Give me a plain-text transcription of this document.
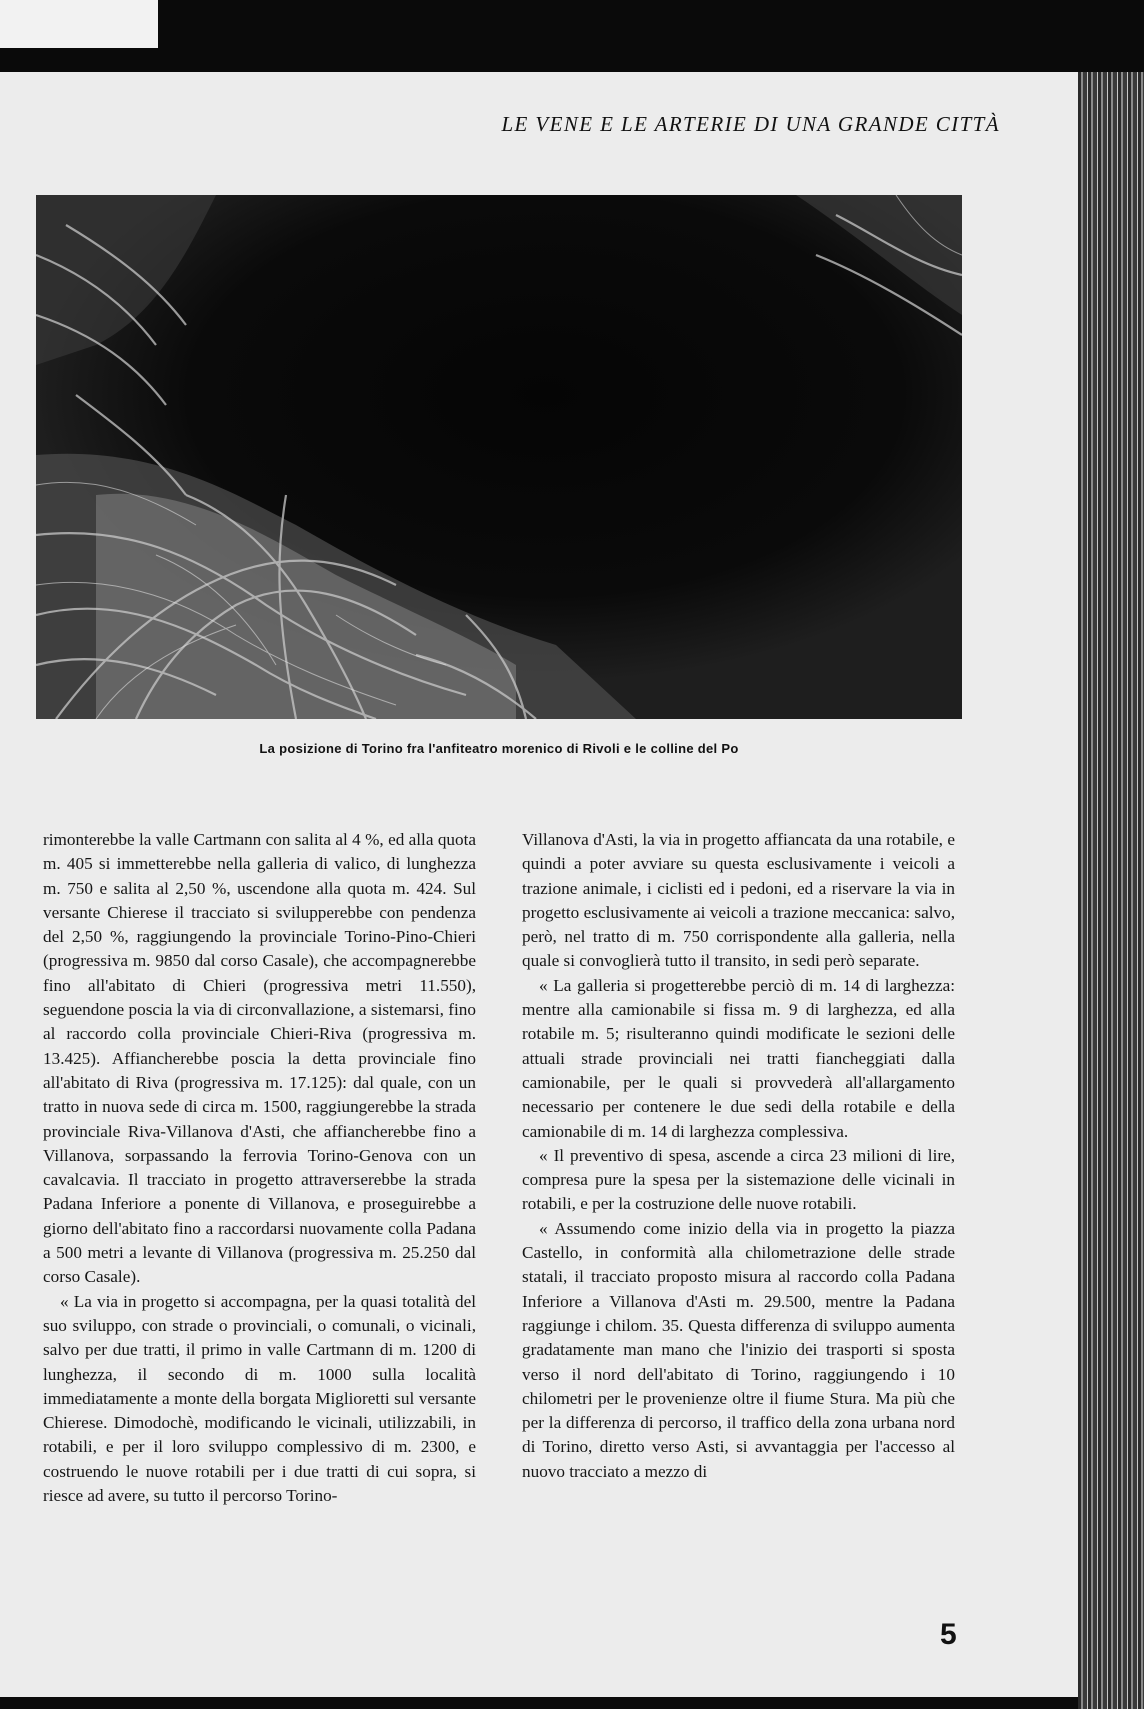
LE VENE E LE ARTERIE DI UNA GRANDE CITTÀ
La posizione di Torino fra l'anfiteatro morenico di Rivoli e le colline del Po

rimonterebbe la valle Cartmann con salita al 4 %, ed alla quota m. 405 si immetterebbe nella galleria di valico, di lunghezza m. 750 e salita al 2,50 %, uscendone alla quota m. 424. Sul versante Chierese il tracciato si svilupperebbe con pendenza del 2,50 %, raggiungendo la provinciale Torino-Pino-Chieri (progressiva m. 9850 dal corso Casale), che accompagnerebbe fino all'abitato di Chieri (progressiva metri 11.550), seguendone poscia la via di circonvallazione, a sistemarsi, fino al raccordo colla provinciale Chieri-Riva (progressiva m. 13.425). Affiancherebbe poscia la detta provinciale fino all'abitato di Riva (progressiva m. 17.125): dal quale, con un tratto in nuova sede di circa m. 1500, raggiungerebbe la strada provinciale Riva-Villanova d'Asti, che affiancherebbe fino a Villanova, sorpassando la ferrovia Torino-Genova con un cavalcavia. Il tracciato in progetto attraverserebbe la strada Padana Inferiore a ponente di Villanova, e proseguirebbe a giorno dell'abitato fino a raccordarsi nuovamente colla Padana a 500 metri a levante di Villanova (progressiva m. 25.250 dal corso Casale).

« La via in progetto si accompagna, per la quasi totalità del suo sviluppo, con strade o provinciali, o comunali, o vicinali, salvo per due tratti, il primo in valle Cartmann di m. 1200 di lunghezza, il secondo di m. 1000 sulla località immediatamente a monte della borgata Miglioretti sul versante Chierese. Dimodochè, modificando le vicinali, utilizzabili, in rotabili, e per il loro sviluppo complessivo di m. 2300, e costruendo le nuove rotabili per i due tratti di cui sopra, si riesce ad avere, su tutto il percorso Torino-

Villanova d'Asti, la via in progetto affiancata da una rotabile, e quindi a poter avviare su questa esclusivamente i veicoli a trazione animale, i ciclisti ed i pedoni, ed a riservare la via in progetto esclusivamente ai veicoli a trazione meccanica: salvo, però, nel tratto di m. 750 corrispondente alla galleria, nella quale si convoglierà tutto il transito, in sedi però separate.

« La galleria si progetterebbe perciò di m. 14 di larghezza: mentre alla camionabile si fissa m. 9 di larghezza, ed alla rotabile m. 5; risulteranno quindi modificate le sezioni delle attuali strade provinciali nei tratti fiancheggiati dalla camionabile, per le quali si provvederà all'allargamento necessario per contenere le due sedi della rotabile e della camionabile di m. 14 di larghezza complessiva.

« Il preventivo di spesa, ascende a circa 23 milioni di lire, compresa pure la spesa per la sistemazione delle vicinali in rotabili, e per la costruzione delle nuove rotabili.

« Assumendo come inizio della via in progetto la piazza Castello, in conformità alla chilometrazione delle strade statali, il tracciato proposto misura al raccordo colla Padana Inferiore a Villanova d'Asti m. 29.500, mentre la Padana raggiunge i chilom. 35. Questa differenza di sviluppo aumenta gradatamente man mano che l'inizio dei trasporti si sposta verso il nord dell'abitato di Torino, raggiungendo i 10 chilometri per le provenienze oltre il fiume Stura. Ma più che per la differenza di percorso, il traffico della zona urbana nord di Torino, diretto verso Asti, si avvantaggia per l'accesso al nuovo tracciato a mezzo di

5
